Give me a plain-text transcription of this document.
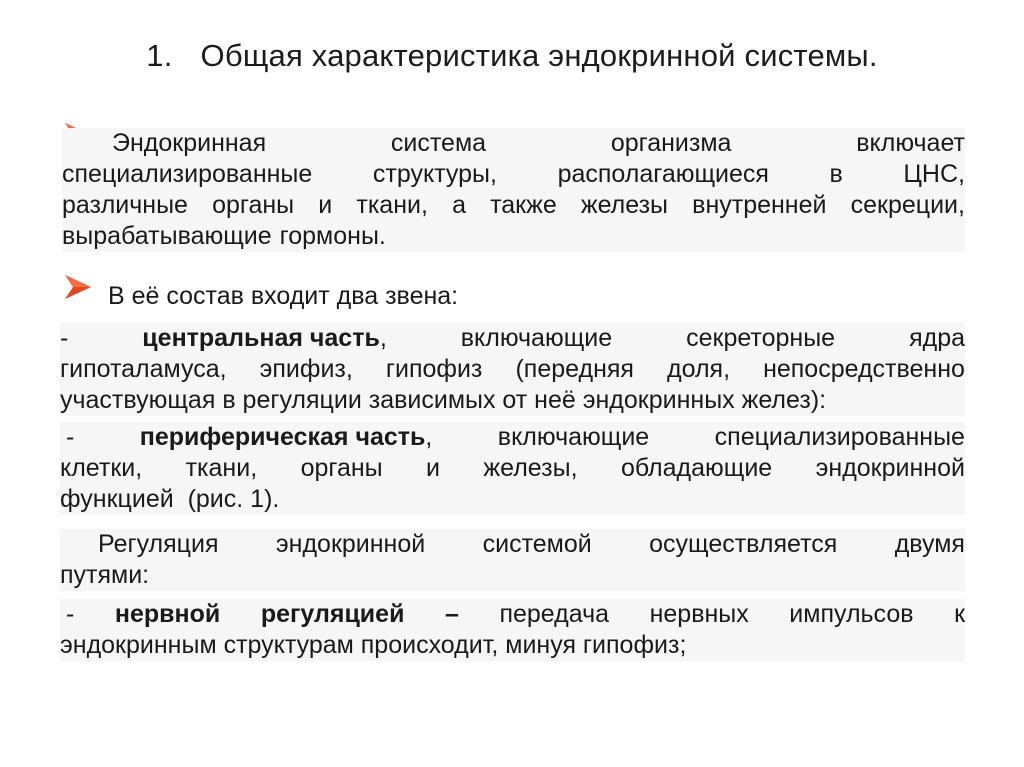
1. Общая характеристика эндокринной системы.
Эндокринная	система	организма	включает
специализированные структуры, располагающиеся в ЦНС,
различные органы и ткани, а также железы внутренней секреции,
вырабатывающие гормоны.
В её состав входит два звена:
-	центральная часть,	включающие	секреторные	ядра
гипоталамуса, эпифиз, гипофиз (передняя доля, непосредственно
участвующая в регуляции зависимых от неё эндокринных желез):
-	периферическая часть,	включающие	специализированные
клетки, ткани, органы и железы, обладающие эндокринной
функцией  (рис. 1).
Регуляция эндокринной системой осуществляется двумя
путями:
- нервной регуляцией – передача нервных импульсов к
эндокринным структурам происходит, минуя гипофиз;
